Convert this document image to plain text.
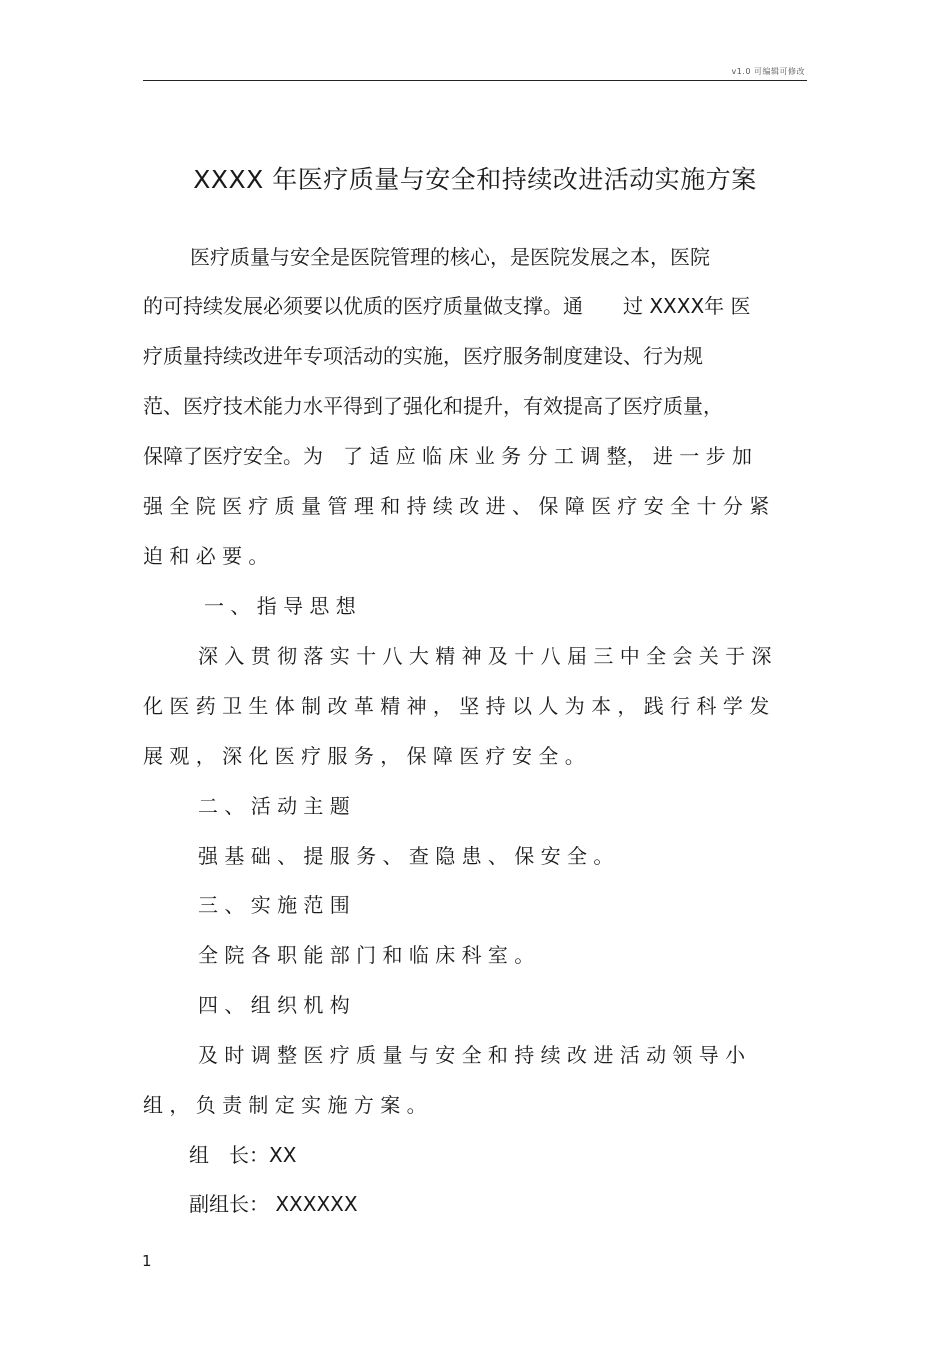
v1.0 可编辑可修改
XXXX 年医疗质量与安全和持续改进活动实施方案
医疗质量与安全是医院管理的核心，是医院发展之本，医院
的可持续发展必须要以优质的医疗质量做支撑。通　　过 XXXX年 医
疗质量持续改进年专项活动的实施，医疗服务制度建设、行为规
范、医疗技术能力水平得到了强化和提升，有效提高了医疗质量，
保障了医疗安全。为　了 适 应 临 床 业 务 分 工 调 整， 进 一 步 加
强 全 院 医 疗 质 量 管 理 和 持 续 改 进 、 保 障 医 疗 安 全 十 分 紧
迫 和 必 要 。
一 、 指 导 思 想
深 入 贯 彻 落 实 十 八 大 精 神 及 十 八 届 三 中 全 会 关 于 深
化 医 药 卫 生 体 制 改 革 精 神 ， 坚 持 以 人 为 本 ， 践 行 科 学 发
展 观 ， 深 化 医 疗 服 务 ， 保 障 医 疗 安 全 。
二 、 活 动 主 题
强 基 础 、 提 服 务 、 查 隐 患 、 保 安 全 。
三 、 实 施 范 围
全 院 各 职 能 部 门 和 临 床 科 室 。
四 、 组 织 机 构
及 时 调 整 医 疗 质 量 与 安 全 和 持 续 改 进 活 动 领 导 小
组 ， 负 责 制 定 实 施 方 案 。
组　长：XX
副组长： XXXXXX
1
